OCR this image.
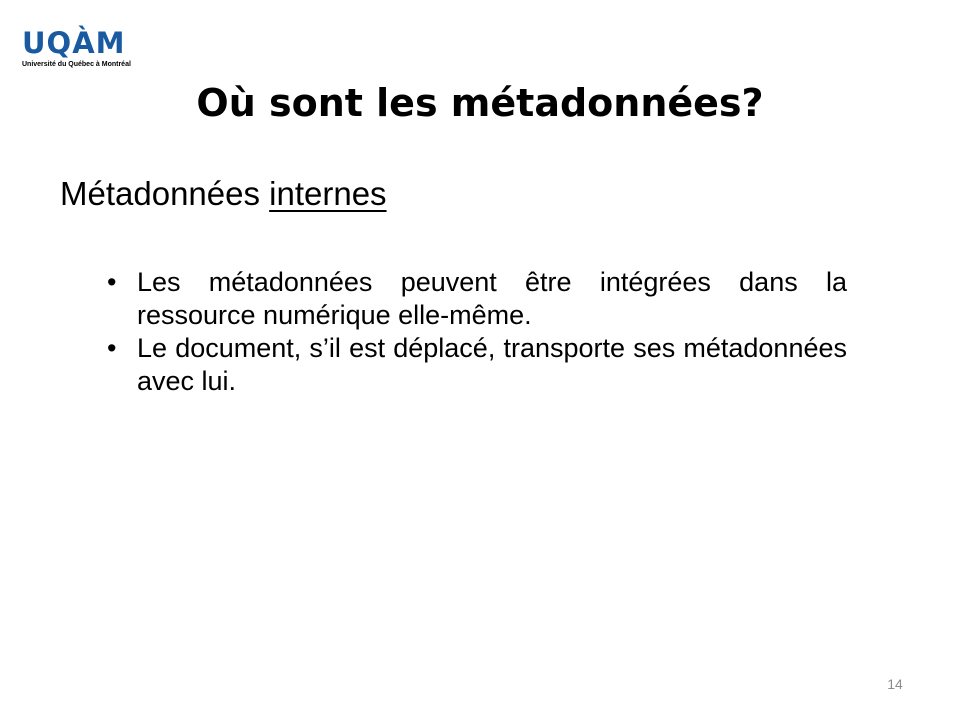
UQÀM
Université du Québec à Montréal
Où sont les métadonnées?

Métadonnées internes

• Les métadonnées peuvent être intégrées dans la ressource numérique elle-même.
• Le document, s’il est déplacé, transporte ses métadonnées avec lui.
14
